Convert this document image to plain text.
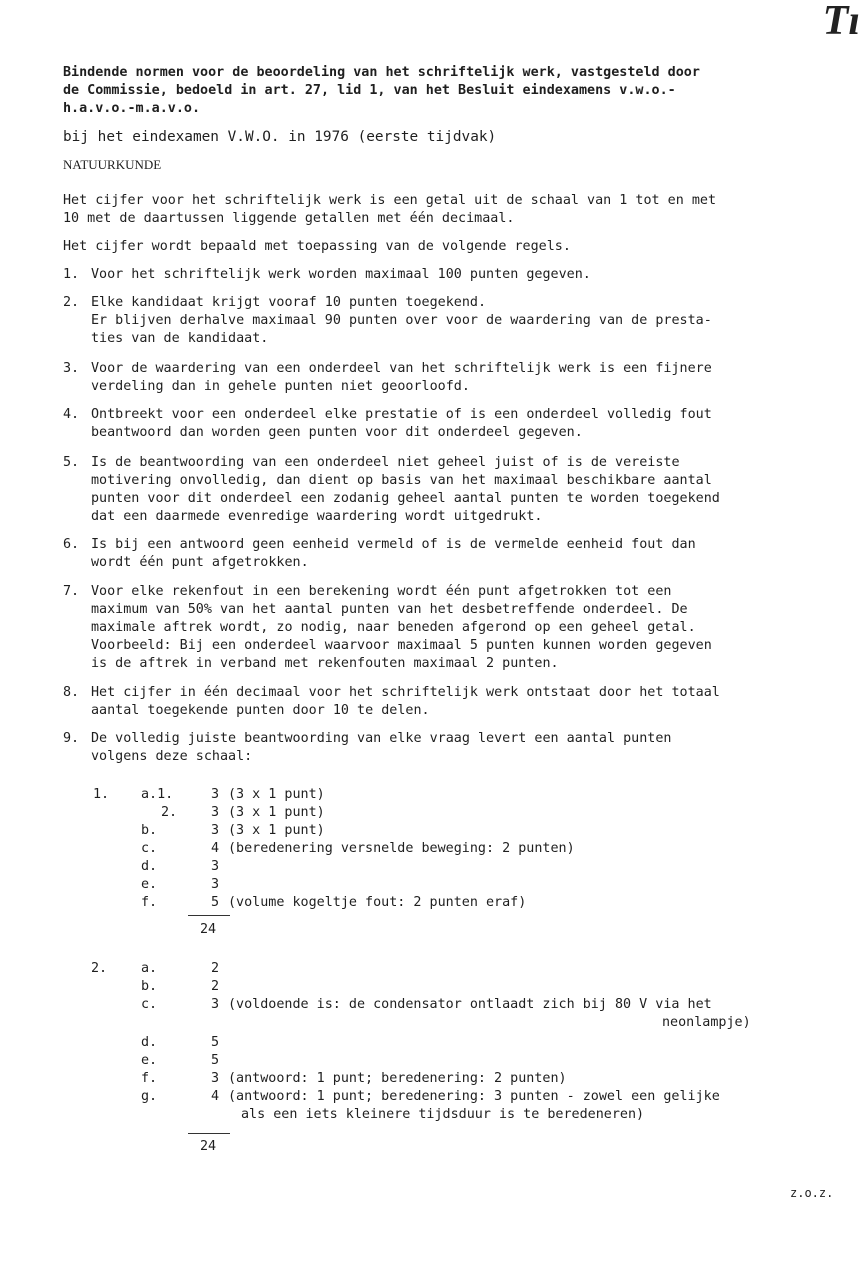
Tı
Bindende normen voor de beoordeling van het schriftelijk werk, vastgesteld door
de Commissie, bedoeld in art. 27, lid 1, van het Besluit eindexamens v.w.o.-
h.a.v.o.-m.a.v.o.
bij het eindexamen V.W.O. in 1976 (eerste tijdvak)
NATUURKUNDE
Het cijfer voor het schriftelijk werk is een getal uit de schaal van 1 tot en met
10 met de daartussen liggende getallen met één decimaal.
Het cijfer wordt bepaald met toepassing van de volgende regels.
1. Voor het schriftelijk werk worden maximaal 100 punten gegeven.
2. Elke kandidaat krijgt vooraf 10 punten toegekend.
Er blijven derhalve maximaal 90 punten over voor de waardering van de presta-
ties van de kandidaat.
3. Voor de waardering van een onderdeel van het schriftelijk werk is een fijnere
verdeling dan in gehele punten niet geoorloofd.
4. Ontbreekt voor een onderdeel elke prestatie of is een onderdeel volledig fout
beantwoord dan worden geen punten voor dit onderdeel gegeven.
5. Is de beantwoording van een onderdeel niet geheel juist of is de vereiste
motivering onvolledig, dan dient op basis van het maximaal beschikbare aantal
punten voor dit onderdeel een zodanig geheel aantal punten te worden toegekend
dat een daarmede evenredige waardering wordt uitgedrukt.
6. Is bij een antwoord geen eenheid vermeld of is de vermelde eenheid fout dan
wordt één punt afgetrokken.
7. Voor elke rekenfout in een berekening wordt één punt afgetrokken tot een
maximum van 50% van het aantal punten van het desbetreffende onderdeel. De
maximale aftrek wordt, zo nodig, naar beneden afgerond op een geheel getal.
Voorbeeld: Bij een onderdeel waarvoor maximaal 5 punten kunnen worden gegeven
is de aftrek in verband met rekenfouten maximaal 2 punten.
8. Het cijfer in één decimaal voor het schriftelijk werk ontstaat door het totaal
aantal toegekende punten door 10 te delen.
9. De volledig juiste beantwoording van elke vraag levert een aantal punten
volgens deze schaal:
1. a.1.	3 (3 x 1 punt)
2.	3 (3 x 1 punt)
b.	3 (3 x 1 punt)
c.	4 (beredenering versnelde beweging: 2 punten)
d.	3
e.	3
f.	5 (volume kogeltje fout: 2 punten eraf)
24
2.	a.	2
b.	2
c.	3 (voldoende is: de condensator ontlaadt zich bij 80 V via het
neonlampje)
d.	5
e.	5
f.	3 (antwoord: 1 punt; beredenering: 2 punten)
g.	4 (antwoord: 1 punt; beredenering: 3 punten - zowel een gelijke
als een iets kleinere tijdsduur is te beredeneren)
24
z.o.z.
